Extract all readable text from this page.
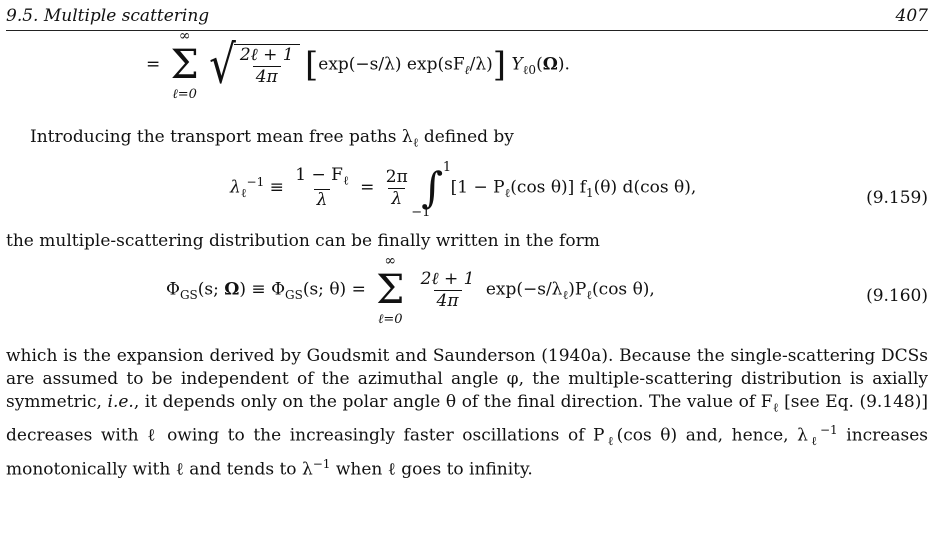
9.5. Multiple scattering	407
=
∞
Σ
ℓ=0
√ $\frac{\text{2ℓ + 1}}{4\pi} [\exp(-s/\lambda)$ $\exp(sF_\ell/\lambda)$] $Y_{\ell 0}(\Omega)$.
Introducing the transport mean free paths $\lambda_\ell$ defined by
$\lambda_\ell^{-1} \equiv \frac{1 - F_\ell}{\lambda} = \frac{2\pi}{\lambda}$ ∫ 1
−1
[$1 - P_\ell(\cos$ θ)] $f_1(\theta)$ d(cos θ),
(9.159)
the multiple-scattering distribution can be finally written in the form
$\Phi_{GS}(s$; $\Omega) \equiv \Phi_{GS}(s$; θ) =
∞
Σ
ℓ=0

$\frac{\text{2ℓ + 1}}{4\pi} \exp(-s/\lambda_\ell)P_\ell(\cos$ θ),	(9.160)
which is the expansion derived by Goudsmit and Saunderson (1940a). Because the single-scattering DCSs are assumed to be independent of the azimuthal angle φ, the multiple-scattering distribution is axially symmetric, i.e., it depends only on the polar angle θ of the final direction. The value of $F_\ell$ [see Eq. (9.148)] decreases with ℓ owing to the increasingly faster oscillations of $P_\ell(\cos$ θ) and, hence, $\lambda_\ell^{-1}$ increases monotonically with ℓ and tends to $\lambda^{-1}$ when ℓ goes to infinity.
